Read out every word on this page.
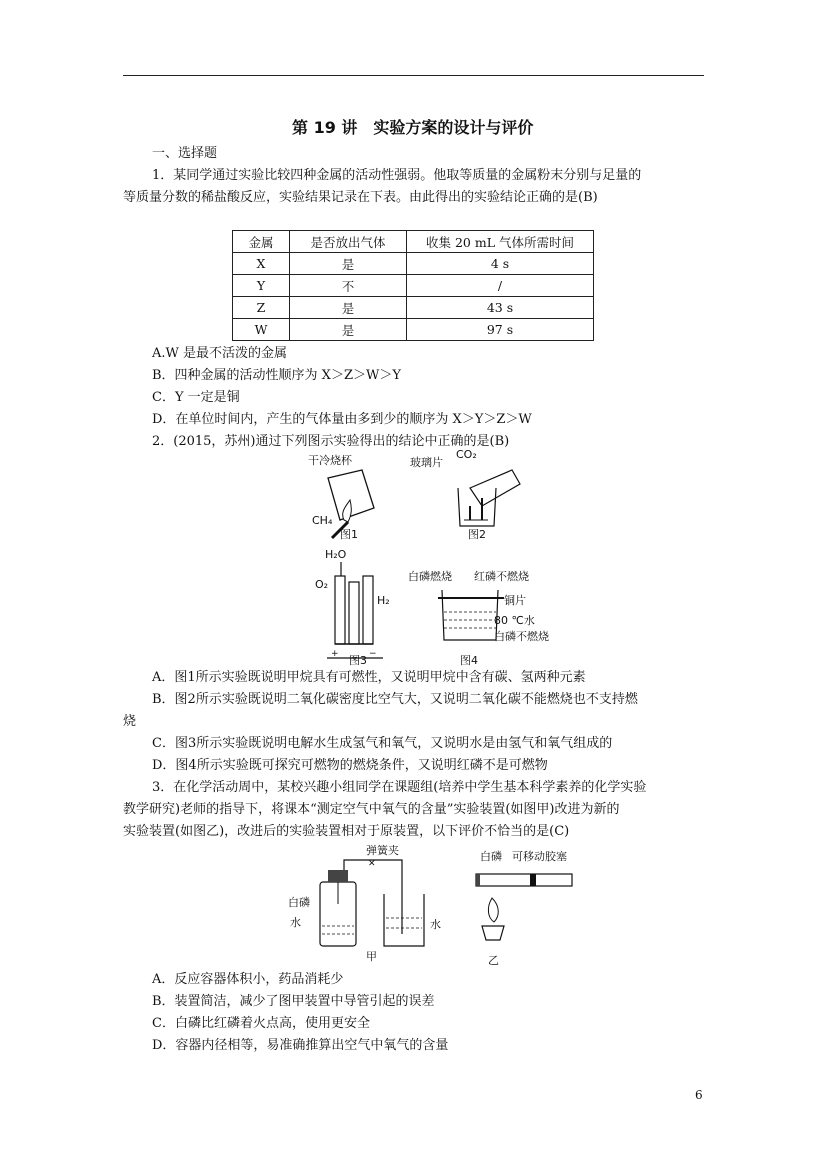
第 19 讲　实验方案的设计与评价
一、选择题
1．某同学通过实验比较四种金属的活动性强弱。他取等质量的金属粉末分别与足量的
等质量分数的稀盐酸反应，实验结果记录在下表。由此得出的实验结论正确的是(B)
金属	是否放出气体	收集 20 mL 气体所需时间
X	是	4 s
Y	不	/
Z	是	43 s
W	是	97 s
A.W 是最不活泼的金属
B．四种金属的活动性顺序为 X＞Z＞W＞Y
C．Y 一定是铜
D．在单位时间内，产生的气体量由多到少的顺序为 X＞Y＞Z＞W
2．(2015，苏州)通过下列图示实验得出的结论中正确的是(B)
干冷烧杯
CH₄
图1
玻璃片
CO₂
图2
H₂O
O₂
H₂
+	−
图3
白磷燃烧 红磷不燃烧
铜片
80 ℃水
白磷不燃烧
图4
A．图1所示实验既说明甲烷具有可燃性，又说明甲烷中含有碳、氢两种元素
B．图2所示实验既说明二氧化碳密度比空气大，又说明二氧化碳不能燃烧也不支持燃
烧
C．图3所示实验既说明电解水生成氢气和氧气，又说明水是由氢气和氧气组成的
D．图4所示实验既可探究可燃物的燃烧条件，又说明红磷不是可燃物
3．在化学活动周中，某校兴趣小组同学在课题组(培养中学生基本科学素养的化学实验
教学研究)老师的指导下，将课本“测定空气中氧气的含量”实验装置(如图甲)改进为新的
实验装置(如图乙)，改进后的实验装置相对于原装置，以下评价不恰当的是(C)
弹簧夹
✕
白磷
水	水
甲
白磷 可移动胶塞
乙
A．反应容器体积小，药品消耗少
B．装置简洁，减少了图甲装置中导管引起的误差
C．白磷比红磷着火点高，使用更安全
D．容器内径相等，易准确推算出空气中氧气的含量
6
